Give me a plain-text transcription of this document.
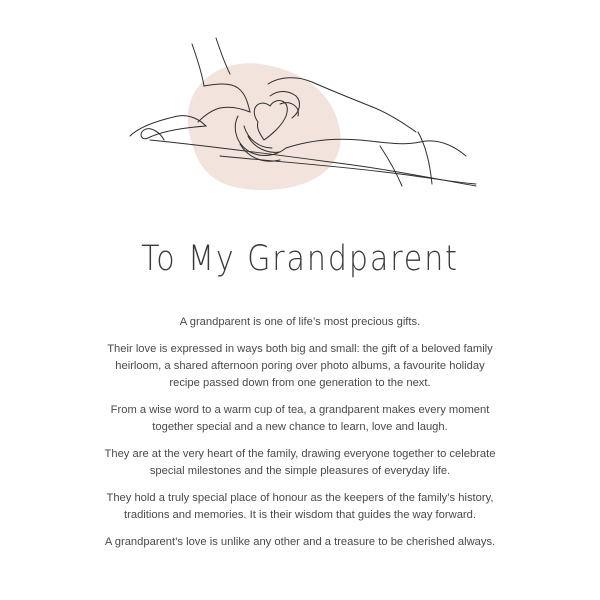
To My Grandparent

A grandparent is one of life’s most precious gifts.

Their love is expressed in ways both big and small: the gift of a beloved family heirloom, a shared afternoon poring over photo albums, a favourite holiday recipe passed down from one generation to the next.

From a wise word to a warm cup of tea, a grandparent makes every moment together special and a new chance to learn, love and laugh.

They are at the very heart of the family, drawing everyone together to celebrate special milestones and the simple pleasures of everyday life.

They hold a truly special place of honour as the keepers of the family’s history, traditions and memories. It is their wisdom that guides the way forward.

A grandparent’s love is unlike any other and a treasure to be cherished always.
